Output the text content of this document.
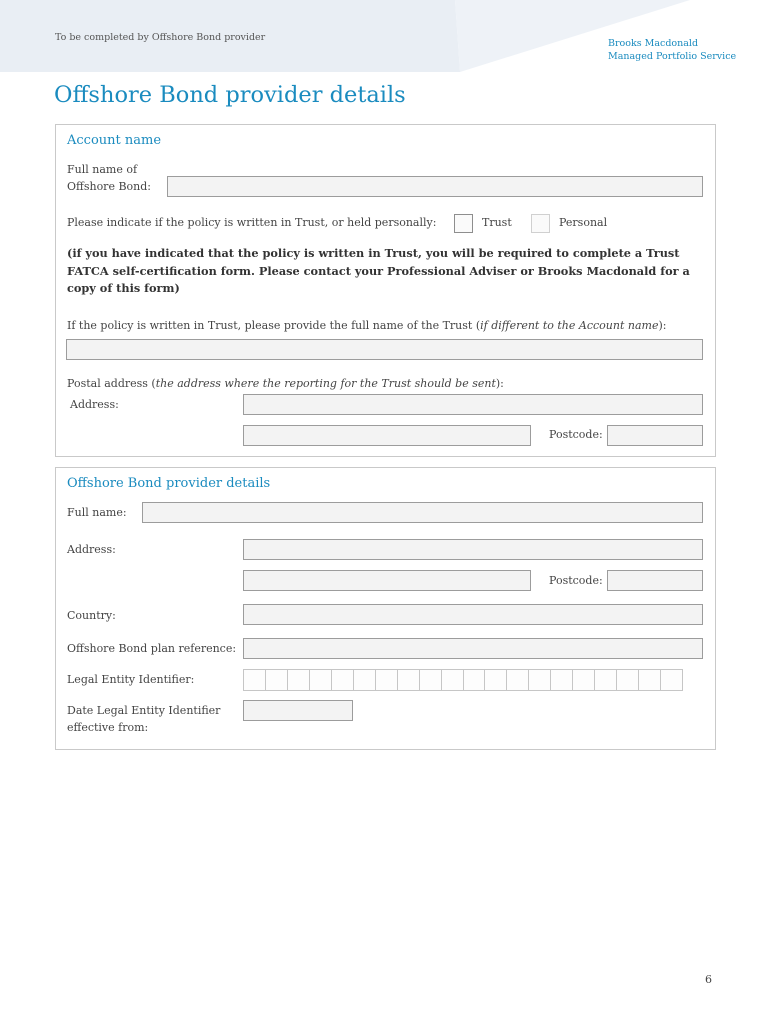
To be completed by Offshore Bond provider
Brooks Macdonald
Managed Portfolio Service
Offshore Bond provider details
Account name
Full name of
Offshore Bond:
Please indicate if the policy is written in Trust, or held personally:	Trust	Personal
(if you have indicated that the policy is written in Trust, you will be required to complete a Trust FATCA self-certification form. Please contact your Professional Adviser or Brooks Macdonald for a copy of this form)
If the policy is written in Trust, please provide the full name of the Trust (if different to the Account name):
Postal address (the address where the reporting for the Trust should be sent):
Address:
Postcode:
Offshore Bond provider details
Full name:
Address:
Postcode:
Country:
Offshore Bond plan reference:
Legal Entity Identifier:
Date Legal Entity Identifier
effective from:
6
